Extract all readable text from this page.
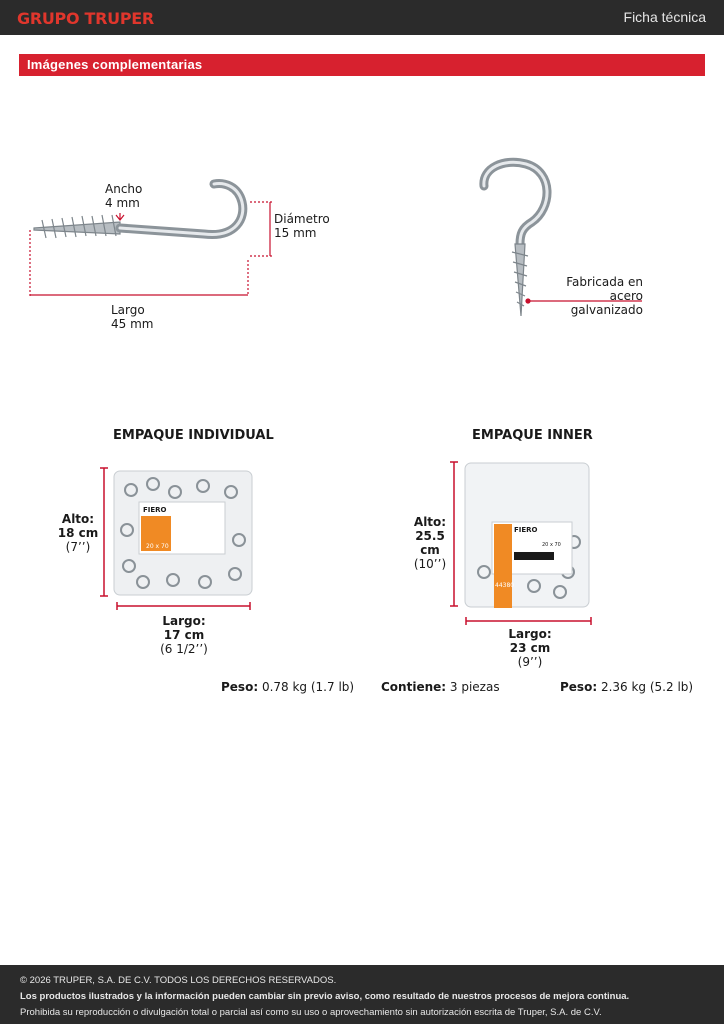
GRUPO TRUPER	Ficha técnica
Imágenes complementarias
Ancho
4 mm
Diámetro
15 mm
Largo
45 mm
Fabricada en
acero galvanizado
EMPAQUE INDIVIDUAL
FIERO
20 x 70
Alto:
18 cm
(7’’)
Largo:
17 cm
(6 1/2’’)
Peso: 0.78 kg (1.7 lb)
EMPAQUE INNER
FIERO
44380
20 x 70
Alto:
25.5 cm
(10’’)
Largo:
23 cm
(9’’)
Contiene: 3 piezas	Peso: 2.36 kg (5.2 lb)

© 2026 TRUPER, S.A. DE C.V. TODOS LOS DERECHOS RESERVADOS.

Los productos ilustrados y la información pueden cambiar sin previo aviso, como resultado de nuestros procesos de mejora continua.

Prohibida su reproducción o divulgación total o parcial así como su uso o aprovechamiento sin autorización escrita de Truper, S.A. de C.V.
